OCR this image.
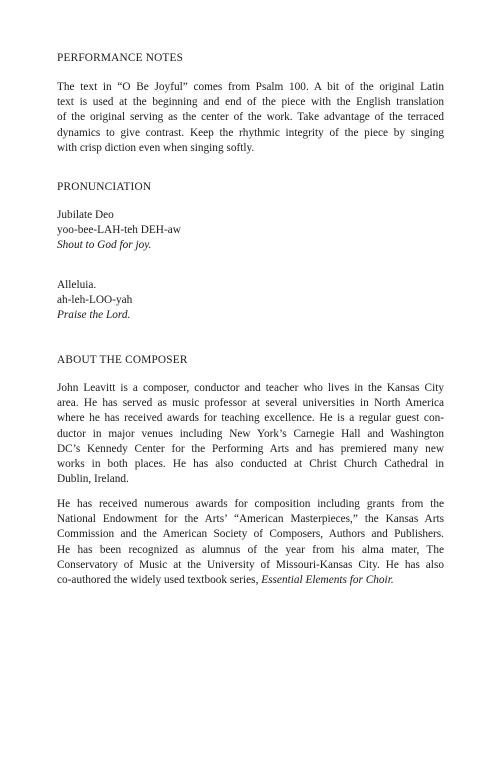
PERFORMANCE NOTES
The text in “O Be Joyful” comes from Psalm 100. A bit of the original Latin
text is used at the beginning and end of the piece with the English translation
of the original serving as the center of the work. Take advantage of the terraced
dynamics to give contrast. Keep the rhythmic integrity of the piece by singing
with crisp diction even when singing softly.
PRONUNCIATION
Jubilate Deo
yoo-bee-LAH-teh DEH-aw
Shout to God for joy.
Alleluia.
ah-leh-LOO-yah
Praise the Lord.
ABOUT THE COMPOSER
John Leavitt is a composer, conductor and teacher who lives in the Kansas City
area. He has served as music professor at several universities in North America
where he has received awards for teaching excellence. He is a regular guest con-
ductor in major venues including New York’s Carnegie Hall and Washington
DC’s Kennedy Center for the Performing Arts and has premiered many new
works in both places. He has also conducted at Christ Church Cathedral in
Dublin, Ireland.
He has received numerous awards for composition including grants from the
National Endowment for the Arts’ “American Masterpieces,” the Kansas Arts
Commission and the American Society of Composers, Authors and Publishers.
He has been recognized as alumnus of the year from his alma mater, The
Conservatory of Music at the University of Missouri-Kansas City. He has also
co-authored the widely used textbook series, Essential Elements for Choir.
